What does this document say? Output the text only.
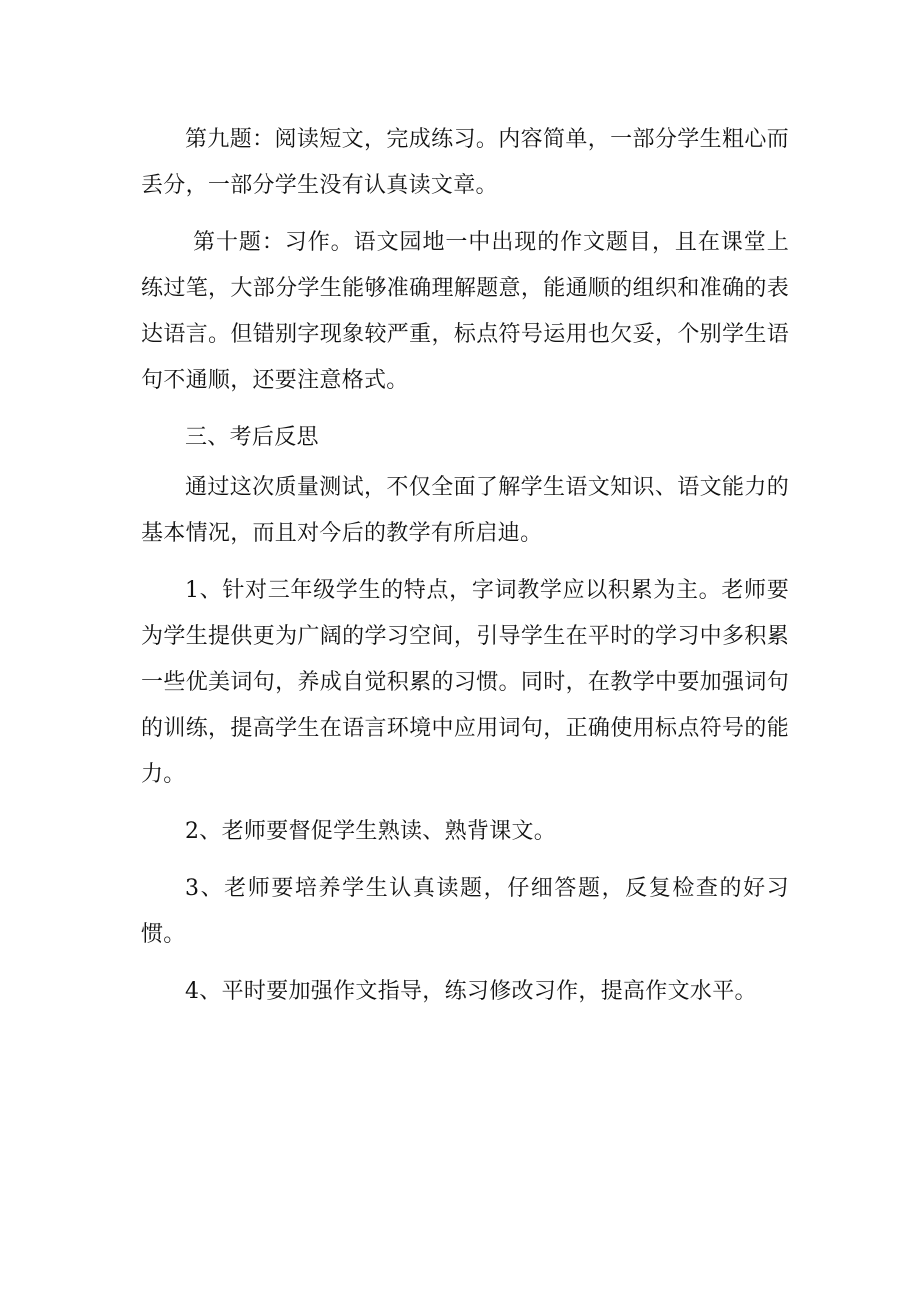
第九题：阅读短文，完成练习。内容简单，一部分学生粗心而丢分，一部分学生没有认真读文章。

第十题：习作。语文园地一中出现的作文题目，且在课堂上练过笔，大部分学生能够准确理解题意，能通顺的组织和准确的表达语言。但错别字现象较严重，标点符号运用也欠妥，个别学生语句不通顺，还要注意格式。

三、考后反思

通过这次质量测试，不仅全面了解学生语文知识、语文能力的基本情况，而且对今后的教学有所启迪。

1、针对三年级学生的特点，字词教学应以积累为主。老师要为学生提供更为广阔的学习空间，引导学生在平时的学习中多积累一些优美词句，养成自觉积累的习惯。同时，在教学中要加强词句的训练，提高学生在语言环境中应用词句，正确使用标点符号的能力。

2、老师要督促学生熟读、熟背课文。

3、老师要培养学生认真读题，仔细答题，反复检查的好习惯。

4、平时要加强作文指导，练习修改习作，提高作文水平。
